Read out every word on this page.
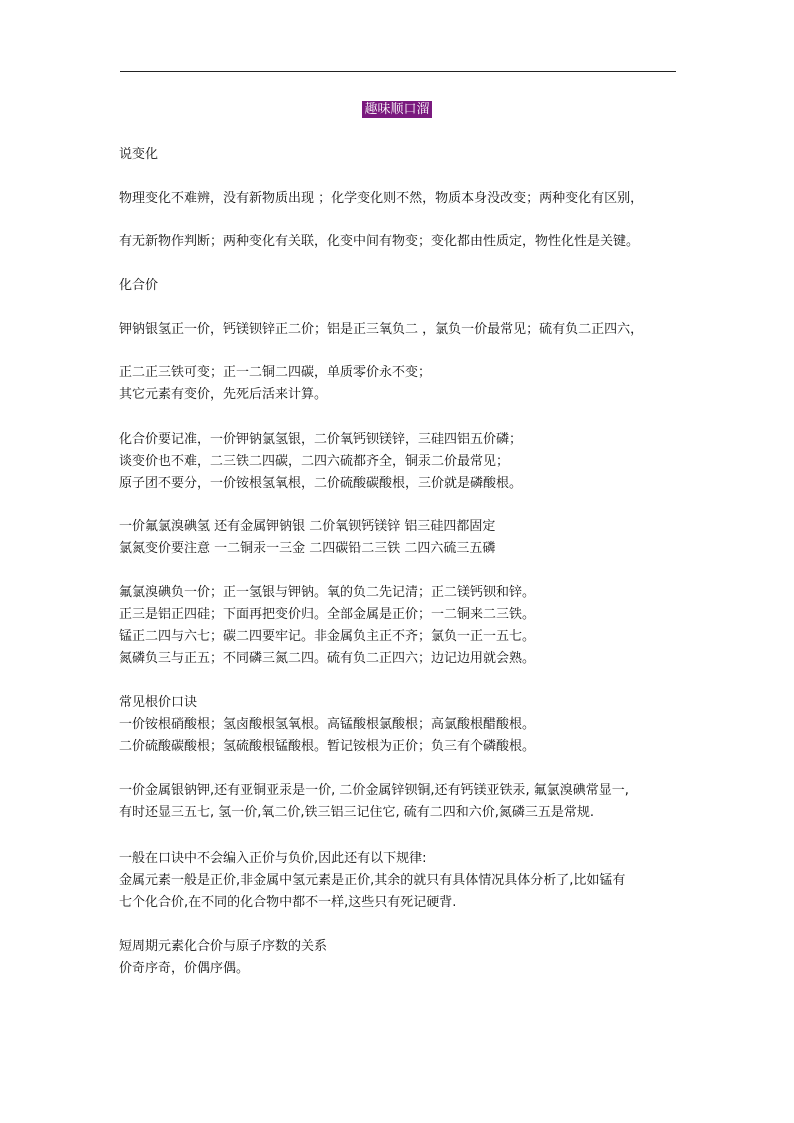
趣味顺口溜
说变化
物理变化不难辨，没有新物质出现 ；化学变化则不然，物质本身没改变；两种变化有区别，
有无新物作判断；两种变化有关联，化变中间有物变；变化都由性质定，物性化性是关键。
化合价
钾钠银氢正一价，钙镁钡锌正二价；铝是正三氧负二 ，氯负一价最常见；硫有负二正四六，
正二正三铁可变；正一二铜二四碳，单质零价永不变；
其它元素有变价，先死后活来计算。
化合价要记准，一价钾钠氯氢银，二价氧钙钡镁锌，三硅四铝五价磷；
谈变价也不难，二三铁二四碳，二四六硫都齐全，铜汞二价最常见；
原子团不要分，一价铵根氢氧根，二价硫酸碳酸根，三价就是磷酸根。
一价氟氯溴碘氢 还有金属钾钠银 二价氧钡钙镁锌 铝三硅四都固定
氯氮变价要注意 一二铜汞一三金 二四碳铅二三铁 二四六硫三五磷
氟氯溴碘负一价；正一氢银与钾钠。氧的负二先记清；正二镁钙钡和锌。
正三是铝正四硅；下面再把变价归。全部金属是正价；一二铜来二三铁。
锰正二四与六七；碳二四要牢记。非金属负主正不齐；氯负一正一五七。
氮磷负三与正五；不同磷三氮二四。硫有负二正四六；边记边用就会熟。
常见根价口诀
一价铵根硝酸根；氢卤酸根氢氧根。高锰酸根氯酸根；高氯酸根醋酸根。
二价硫酸碳酸根；氢硫酸根锰酸根。暂记铵根为正价；负三有个磷酸根。
一价金属银钠钾,还有亚铜亚汞是一价, 二价金属锌钡铜,还有钙镁亚铁汞, 氟氯溴碘常显一,
有时还显三五七, 氢一价,氧二价,铁三铝三记住它, 硫有二四和六价,氮磷三五是常规.
一般在口诀中不会编入正价与负价,因此还有以下规律:
金属元素一般是正价,非金属中氢元素是正价,其余的就只有具体情况具体分析了,比如锰有
七个化合价,在不同的化合物中都不一样,这些只有死记硬背.
短周期元素化合价与原子序数的关系
价奇序奇，价偶序偶。
